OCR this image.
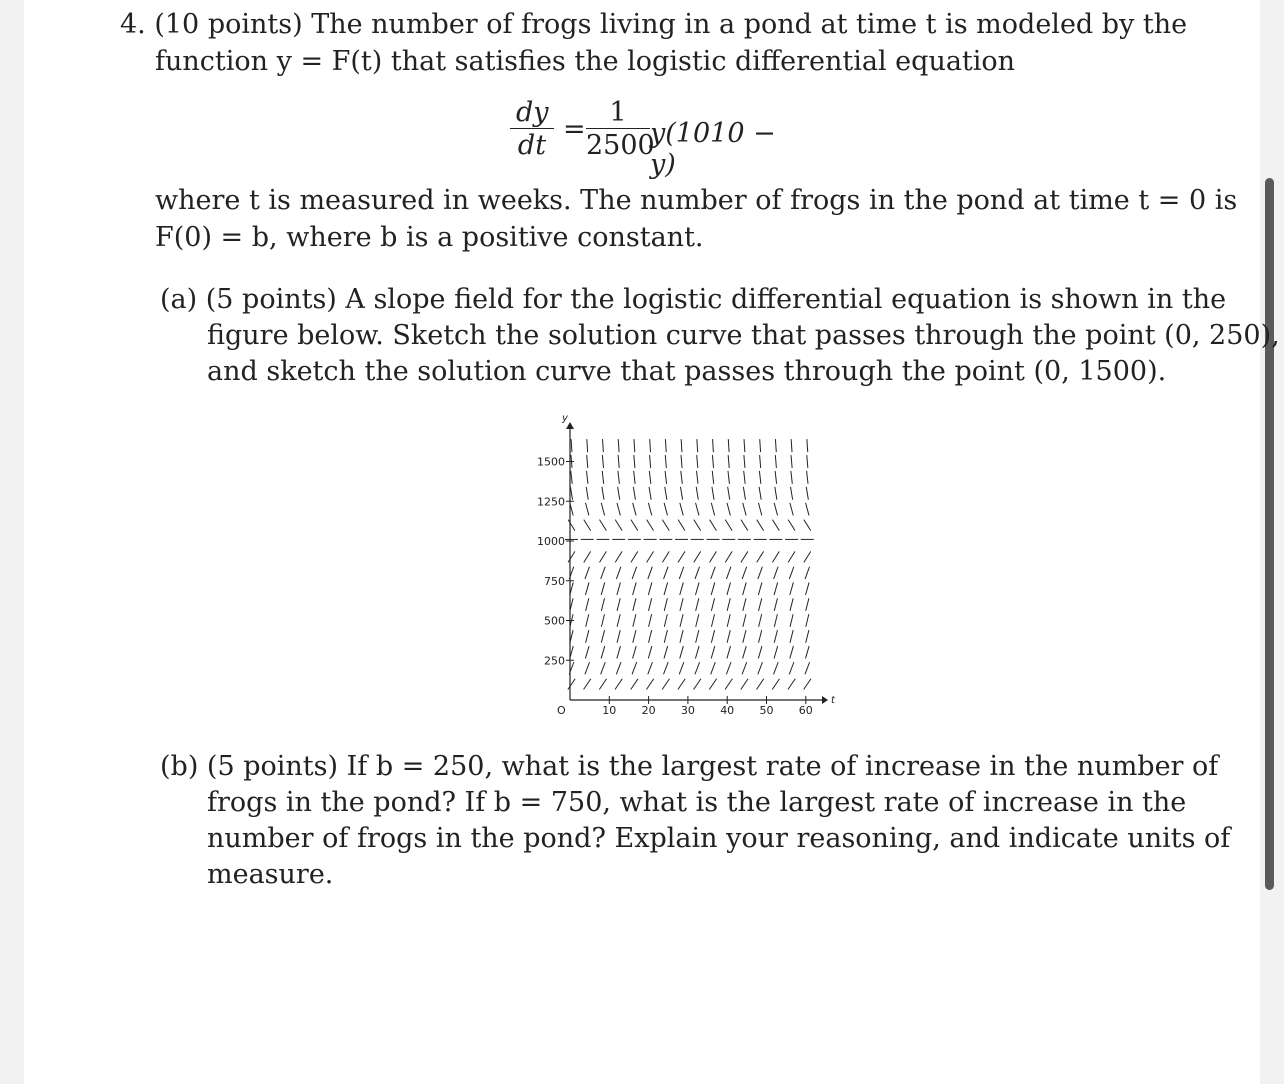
4. (10 points) The number of frogs living in a pond at time t is modeled by the
function y = F(t) that satisfies the logistic differential equation
$\frac{dy}{dt} = \frac{1}{2500} y(1010 - y)$
where t is measured in weeks. The number of frogs in the pond at time t = 0 is
F(0) = b, where b is a positive constant.
(a) (5 points) A slope field for the logistic differential equation is shown in the
figure below. Sketch the solution curve that passes through the point (0, 250),
and sketch the solution curve that passes through the point (0, 1500).
t
y
O	10 20 30 40 50 60
250
500
750
1000
1250
1500
(b) (5 points) If b = 250, what is the largest rate of increase in the number of
frogs in the pond? If b = 750, what is the largest rate of increase in the
number of frogs in the pond? Explain your reasoning, and indicate units of
measure.
